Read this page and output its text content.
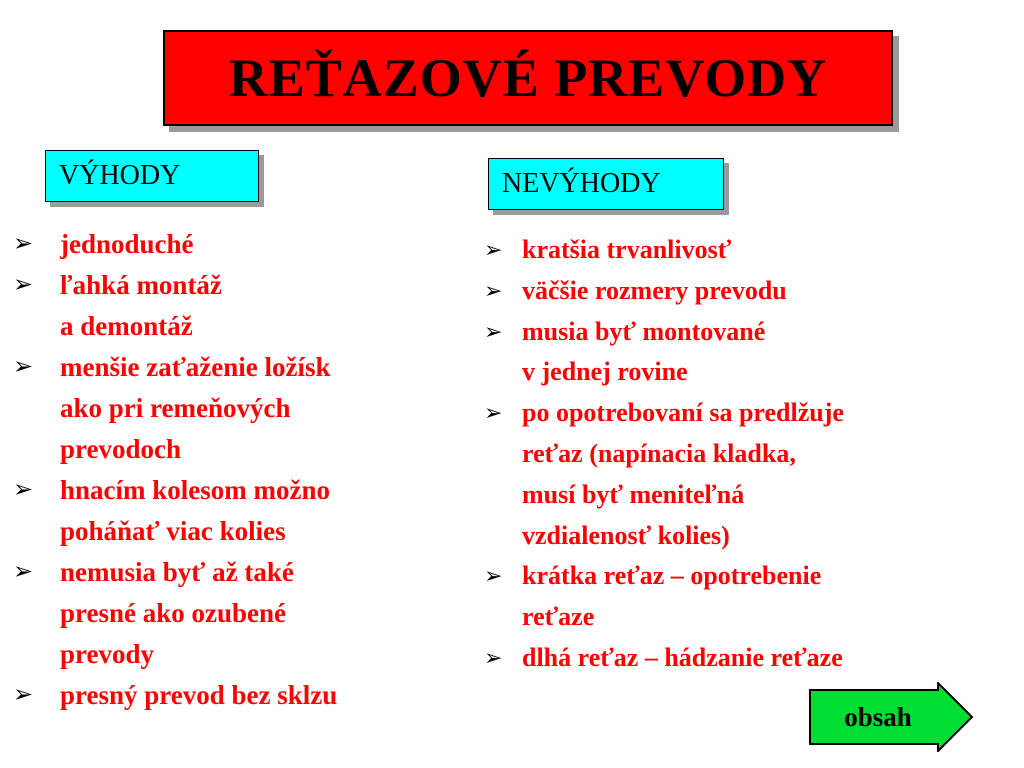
REŤAZOVÉ PREVODY
VÝHODY	NEVÝHODY
➢ jednoduché
➢ ľahká montáž
a demontáž
➢ menšie zaťaženie ložísk
ako pri remeňových
prevodoch
➢ hnacím kolesom možno
poháňať viac kolies
➢ nemusia byť až také
presné ako ozubené
prevody
➢ presný prevod bez sklzu
➢ kratšia trvanlivosť
➢ väčšie rozmery prevodu
➢ musia byť montované
v jednej rovine
➢ po opotrebovaní sa predlžuje
reťaz (napínacia kladka,
musí byť meniteľná
vzdialenosť kolies)
➢ krátka reťaz – opotrebenie
reťaze
➢ dlhá reťaz – hádzanie reťaze
obsah
